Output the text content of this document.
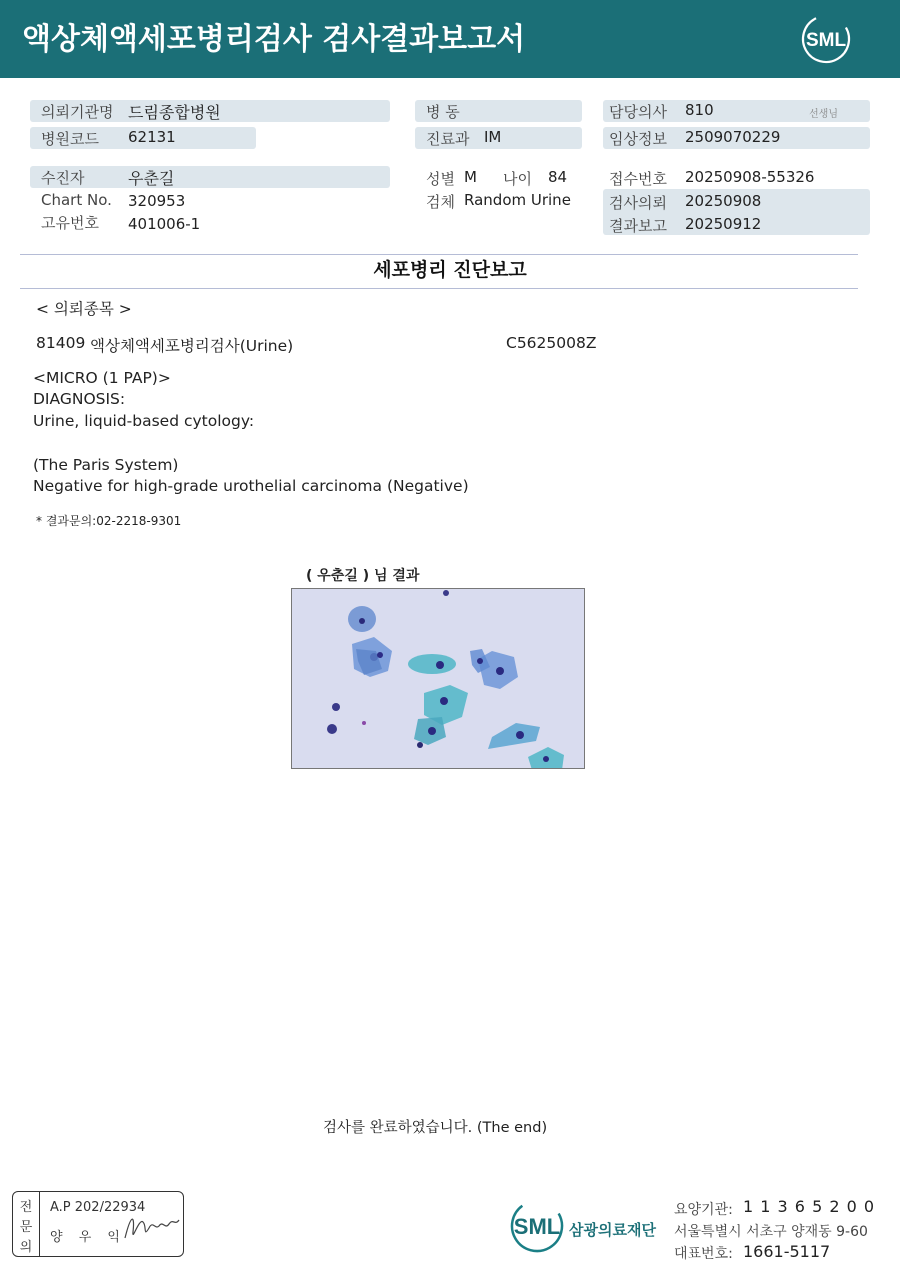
액상체액세포병리검사 검사결과보고서	SML
의뢰기관명 드림종합병원
병원코드 62131
수진자	우춘길
Chart No. 320953
고유번호 401006-1
병 동
진료과 IM
성별 M 나이 84
검체 Random Urine
담당의사 810	선생님
임상정보 2509070229
접수번호 20250908-55326
검사의뢰 20250908
결과보고 20250912
세포병리 진단보고
< 의뢰종목 >
81409 액상체액세포병리검사(Urine)	C5625008Z
<MICRO (1 PAP)>
DIAGNOSIS:
Urine, liquid-based cytology:
(The Paris System)
Negative for high-grade urothelial carcinoma (Negative)
* 결과문의:02-2218-9301
( 우춘길 ) 님 결과
검사를 완료하였습니다. (The end)
전
문
의
A.P 202/22934
양 우 익	SML 삼광의료재단
요양기관: 1 1 3 6 5 2 0 0
서울특별시 서초구 양재동 9-60
대표번호: 1661-5117
